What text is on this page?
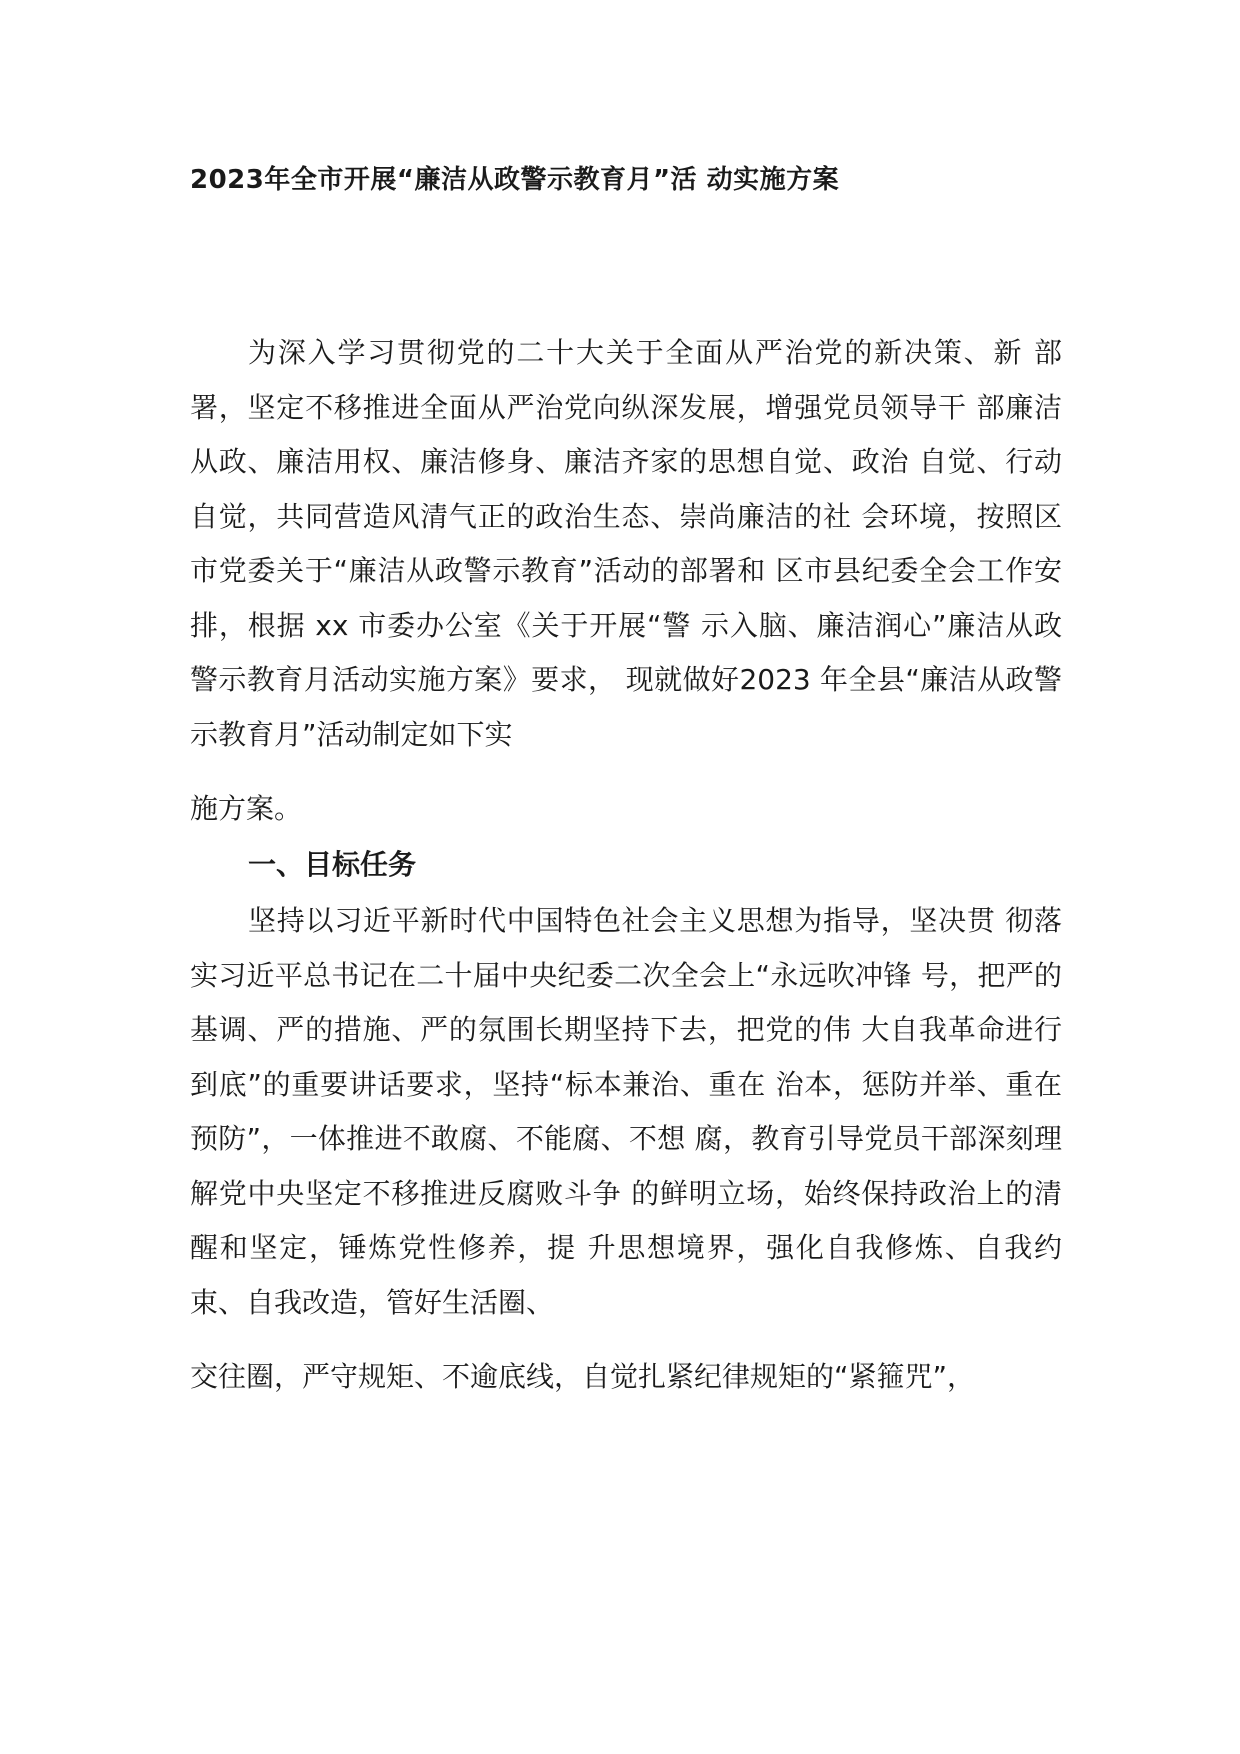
2023年全市开展“廉洁从政警示教育月”活 动实施方案

为深入学习贯彻党的二十大关于全面从严治党的新决策、新 部署，坚定不移推进全面从严治党向纵深发展，增强党员领导干 部廉洁从政、廉洁用权、廉洁修身、廉洁齐家的思想自觉、政治 自觉、行动自觉，共同营造风清气正的政治生态、崇尚廉洁的社 会环境，按照区市党委关于“廉洁从政警示教育”活动的部署和 区市县纪委全会工作安排，根据 xx 市委办公室《关于开展“警 示入脑、廉洁润心”廉洁从政警示教育月活动实施方案》要求， 现就做好2023 年全县“廉洁从政警示教育月”活动制定如下实

施方案。

一、目标任务

坚持以习近平新时代中国特色社会主义思想为指导，坚决贯 彻落实习近平总书记在二十届中央纪委二次全会上“永远吹冲锋 号，把严的基调、严的措施、严的氛围长期坚持下去，把党的伟 大自我革命进行到底”的重要讲话要求，坚持“标本兼治、重在 治本，惩防并举、重在预防”，一体推进不敢腐、不能腐、不想 腐，教育引导党员干部深刻理解党中央坚定不移推进反腐败斗争 的鲜明立场，始终保持政治上的清醒和坚定，锤炼党性修养，提 升思想境界，强化自我修炼、自我约束、自我改造，管好生活圈、

交往圈，严守规矩、不逾底线，自觉扎紧纪律规矩的“紧箍咒”，
